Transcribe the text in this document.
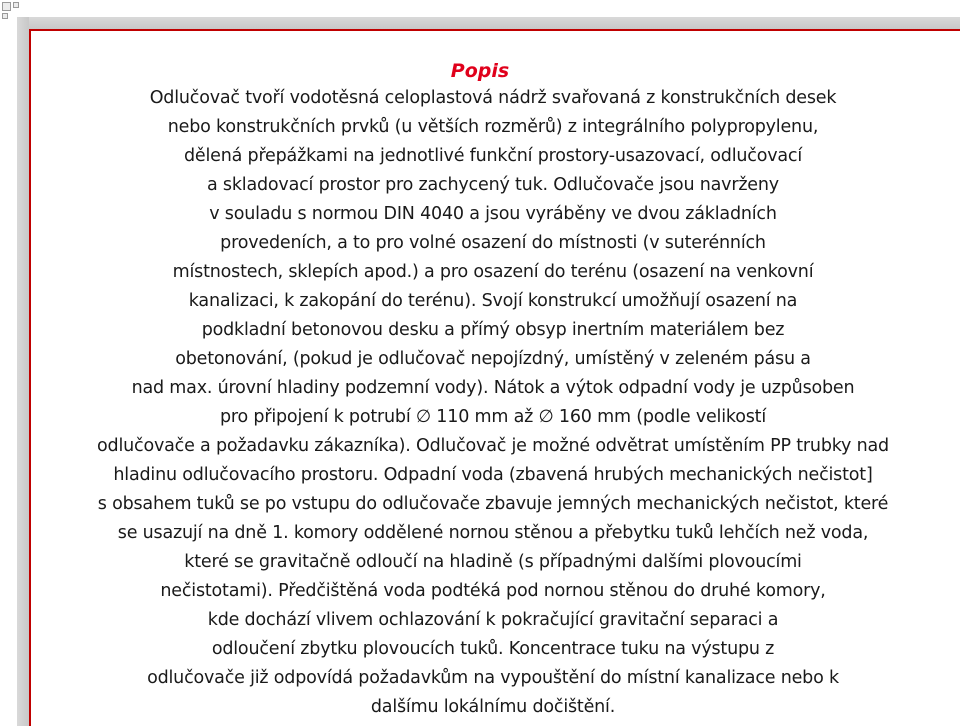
Popis
Odlučovač tvoří vodotěsná celoplastová nádrž svařovaná z konstrukčních desek
nebo konstrukčních prvků (u větších rozměrů) z integrálního polypropylenu,
dělená přepážkami na jednotlivé funkční prostory-usazovací, odlučovací
a skladovací prostor pro zachycený tuk. Odlučovače jsou navrženy
v souladu s normou DIN 4040 a jsou vyráběny ve dvou základních
provedeních, a to pro volné osazení do místnosti (v suterénních
místnostech, sklepích apod.) a pro osazení do terénu (osazení na venkovní
kanalizaci, k zakopání do terénu). Svojí konstrukcí umožňují osazení na
podkladní betonovou desku a přímý obsyp inertním materiálem bez
obetonování, (pokud je odlučovač nepojízdný, umístěný v zeleném pásu a
nad max. úrovní hladiny podzemní vody). Nátok a výtok odpadní vody je uzpůsoben
pro připojení k potrubí ∅ 110 mm až ∅ 160 mm (podle velikostí
odlučovače a požadavku zákazníka). Odlučovač je možné odvětrat umístěním PP trubky nad
hladinu odlučovacího prostoru. Odpadní voda (zbavená hrubých mechanických nečistot]
s obsahem tuků se po vstupu do odlučovače zbavuje jemných mechanických nečistot, které
se usazují na dně 1. komory oddělené nornou stěnou a přebytku tuků lehčích než voda,
které se gravitačně odloučí na hladině (s případnými dalšími plovoucími
nečistotami). Předčištěná voda podtéká pod nornou stěnou do druhé komory,
kde dochází vlivem ochlazování k pokračující gravitační separaci a
odloučení zbytku plovoucích tuků. Koncentrace tuku na výstupu z
odlučovače již odpovídá požadavkům na vypouštění do místní kanalizace nebo k
dalšímu lokálnímu dočištění.
